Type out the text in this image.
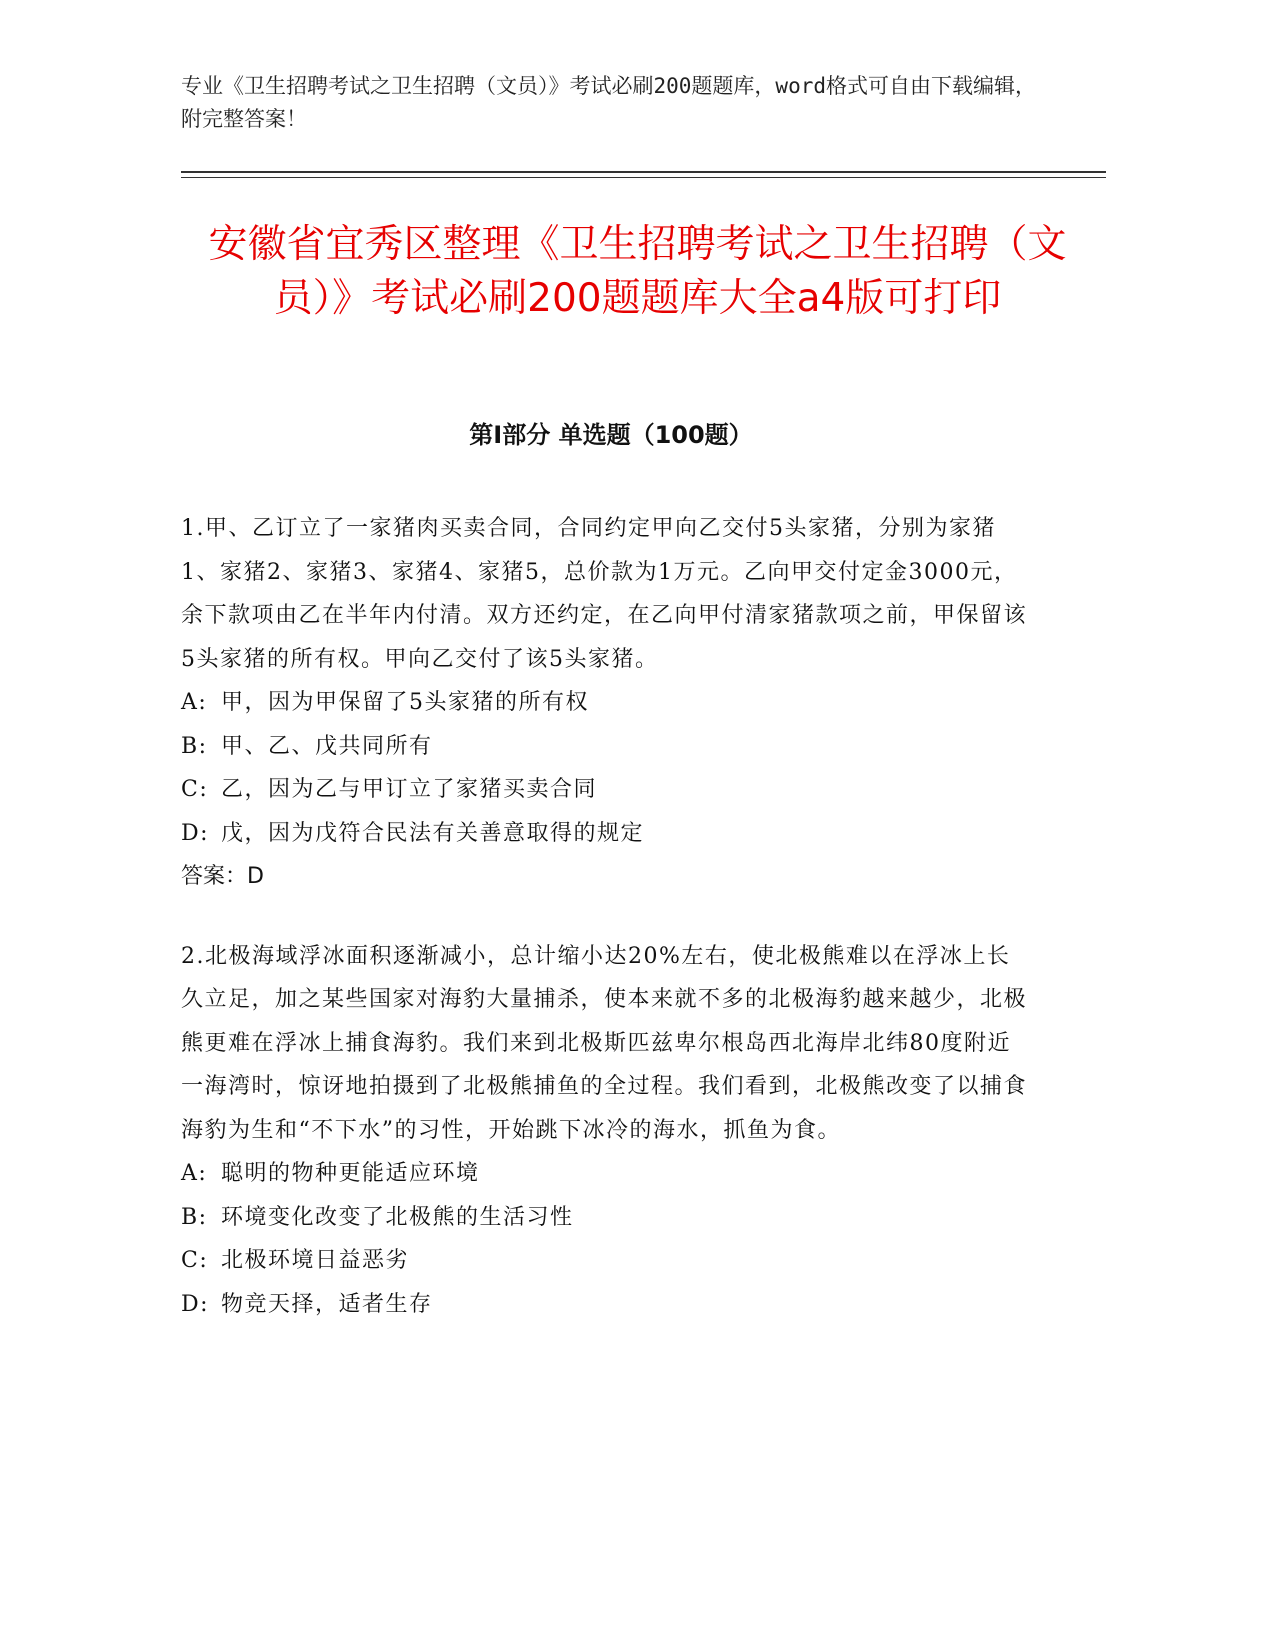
专业《卫生招聘考试之卫生招聘（文员）》考试必刷200题题库，word格式可自由下载编辑，附完整答案！
安徽省宜秀区整理《卫生招聘考试之卫生招聘（文员）》考试必刷200题题库大全a4版可打印
第Ⅰ部分 单选题（100题）

1.甲、乙订立了一家猪肉买卖合同，合同约定甲向乙交付5头家猪，分别为家猪1、家猪2、家猪3、家猪4、家猪5，总价款为1万元。乙向甲交付定金3000元，余下款项由乙在半年内付清。双方还约定，在乙向甲付清家猪款项之前，甲保留该5头家猪的所有权。甲向乙交付了该5头家猪。

A: 甲，因为甲保留了5头家猪的所有权
B: 甲、乙、戊共同所有
C: 乙，因为乙与甲订立了家猪买卖合同
D: 戊，因为戊符合民法有关善意取得的规定

答案：D

2.北极海域浮冰面积逐渐减小，总计缩小达20%左右，使北极熊难以在浮冰上长久立足，加之某些国家对海豹大量捕杀，使本来就不多的北极海豹越来越少，北极熊更难在浮冰上捕食海豹。我们来到北极斯匹兹卑尔根岛西北海岸北纬80度附近一海湾时，惊讶地拍摄到了北极熊捕鱼的全过程。我们看到，北极熊改变了以捕食海豹为生和“不下水”的习性，开始跳下冰冷的海水，抓鱼为食。

A: 聪明的物种更能适应环境
B: 环境变化改变了北极熊的生活习性
C: 北极环境日益恶劣
D: 物竞天择，适者生存
